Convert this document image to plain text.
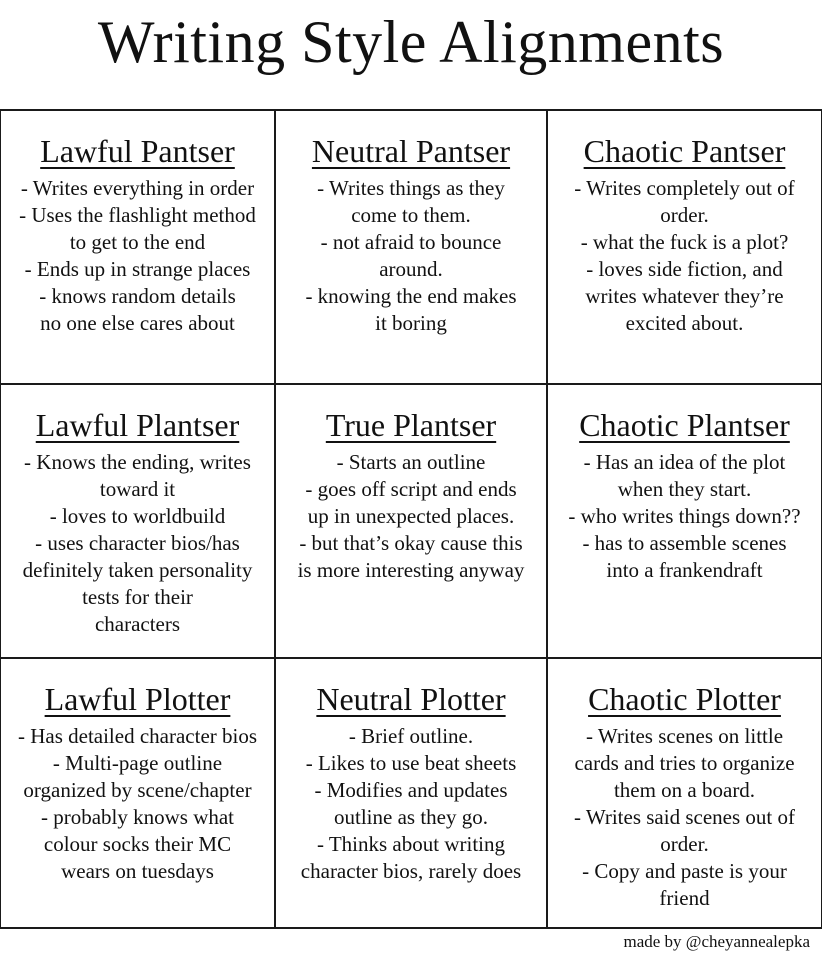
Writing Style Alignments
Lawful Pantser
- Writes everything in order
- Uses the flashlight method
to get to the end
- Ends up in strange places
- knows random details
no one else cares about
Neutral Pantser
- Writes things as they
come to them.
- not afraid to bounce
around.
- knowing the end makes
it boring
Chaotic Pantser
- Writes completely out of
order.
- what the fuck is a plot?
- loves side fiction, and
writes whatever they’re
excited about.
Lawful Plantser
- Knows the ending, writes
toward it
- loves to worldbuild
- uses character bios/has
definitely taken personality
tests for their
characters
True Plantser
- Starts an outline
- goes off script and ends
up in unexpected places.
- but that’s okay cause this
is more interesting anyway
Chaotic Plantser
- Has an idea of the plot
when they start.
- who writes things down??
- has to assemble scenes
into a frankendraft
Lawful Plotter
- Has detailed character bios
- Multi-page outline
organized by scene/chapter
- probably knows what
colour socks their MC
wears on tuesdays
Neutral Plotter
- Brief outline.
- Likes to use beat sheets
- Modifies and updates
outline as they go.
- Thinks about writing
character bios, rarely does
Chaotic Plotter
- Writes scenes on little
cards and tries to organize
them on a board.
- Writes said scenes out of
order.
- Copy and paste is your
friend
made by @cheyannealepka
